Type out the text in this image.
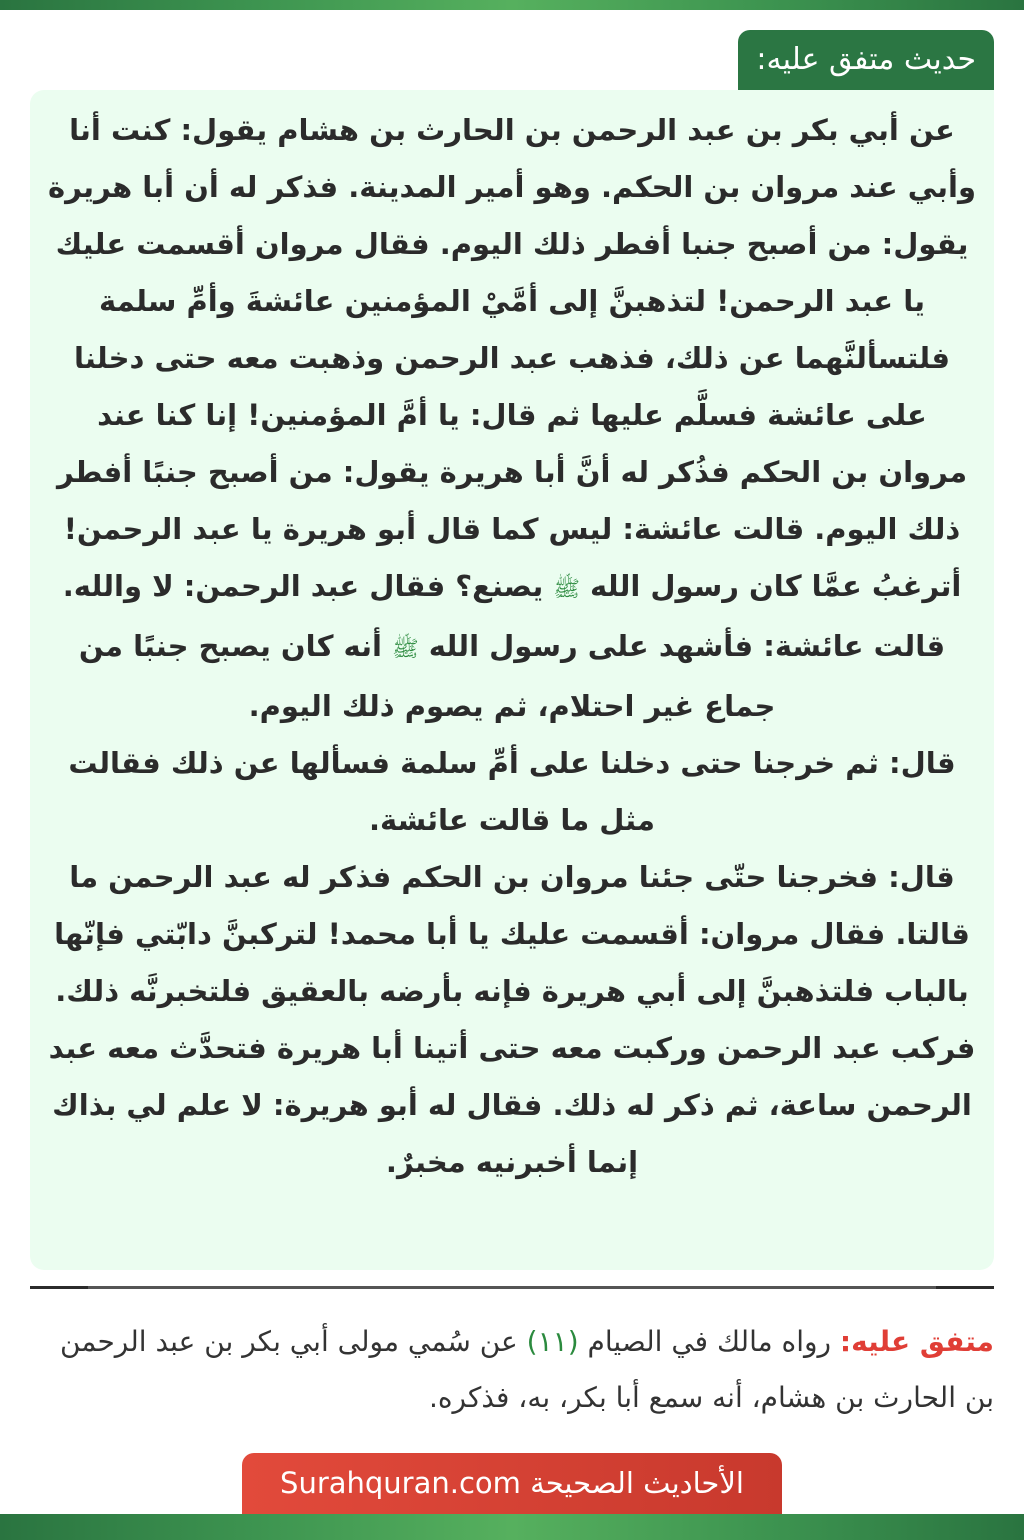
حديث متفق عليه:

عن أبي بكر بن عبد الرحمن بن الحارث بن هشام يقول: كنت أنا وأبي عند مروان بن الحكم. وهو أمير المدينة. فذكر له أن أبا هريرة يقول: من أصبح جنبا أفطر ذلك اليوم. فقال مروان أقسمت عليك يا عبد الرحمن! لتذهبنَّ إلى أمَّيْ المؤمنين عائشةَ وأمِّ سلمة فلتسألنَّهما عن ذلك، فذهب عبد الرحمن وذهبت معه حتى دخلنا على عائشة فسلَّم عليها ثم قال: يا أمَّ المؤمنين! إنا كنا عند مروان بن الحكم فذُكر له أنَّ أبا هريرة يقول: من أصبح جنبًا أفطر ذلك اليوم. قالت عائشة: ليس كما قال أبو هريرة يا عبد الرحمن! أترغبُ عمَّا كان رسول الله ﷺ يصنع؟ فقال عبد الرحمن: لا والله. قالت عائشة: فأشهد على رسول الله ﷺ أنه كان يصبح جنبًا من جماع غير احتلام، ثم يصوم ذلك اليوم.

قال: ثم خرجنا حتى دخلنا على أمِّ سلمة فسألها عن ذلك فقالت مثل ما قالت عائشة.

قال: فخرجنا حتّى جئنا مروان بن الحكم فذكر له عبد الرحمن ما قالتا. فقال مروان: أقسمت عليك يا أبا محمد! لتركبنَّ دابّتي فإنّها بالباب فلتذهبنَّ إلى أبي هريرة فإنه بأرضه بالعقيق فلتخبرنَّه ذلك. فركب عبد الرحمن وركبت معه حتى أتينا أبا هريرة فتحدَّث معه عبد الرحمن ساعة، ثم ذكر له ذلك. فقال له أبو هريرة: لا علم لي بذاك إنما أخبرنيه مخبرٌ.

متفق عليه: رواه مالك في الصيام (١١) عن سُمي مولى أبي بكر بن عبد الرحمن بن الحارث بن هشام، أنه سمع أبا بكر، به، فذكره.
الأحاديث الصحيحة Surahquran.com
